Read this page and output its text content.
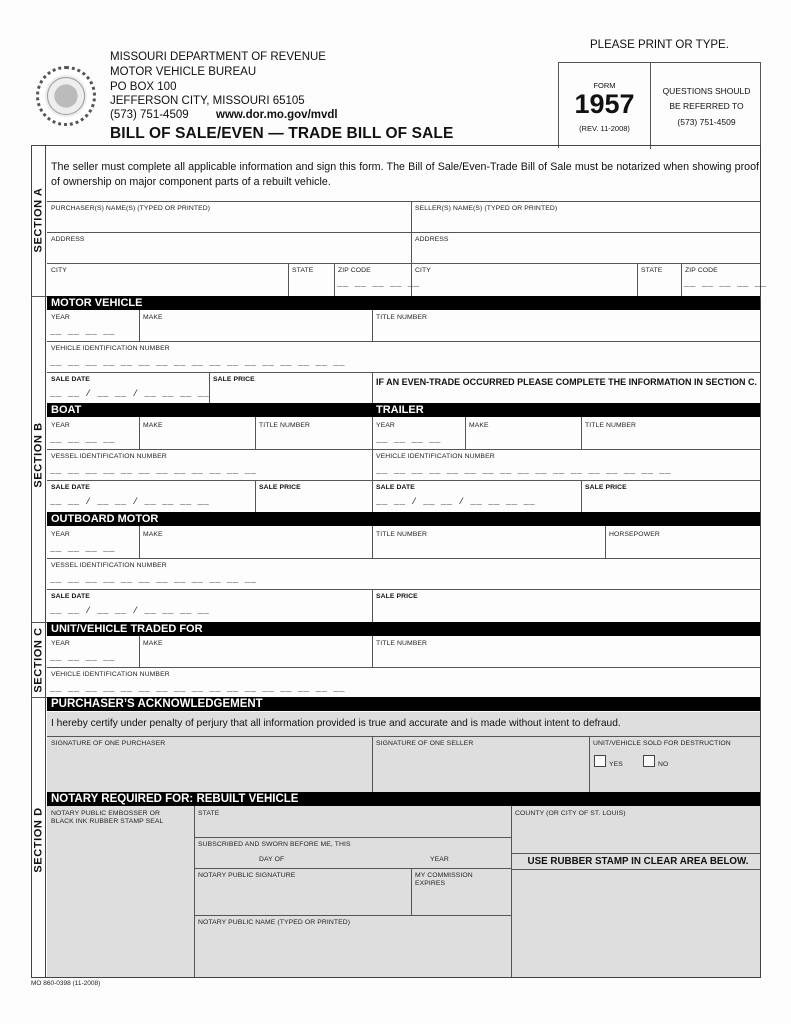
MISSOURI DEPARTMENT OF REVENUE
MOTOR VEHICLE BUREAU
PO BOX 100
JEFFERSON CITY, MISSOURI 65105
(573) 751-4509 www.dor.mo.gov/mvdl
BILL OF SALE/EVEN — TRADE BILL OF SALE
PLEASE PRINT OR TYPE.
FORM
1957
(REV. 11-2008)
QUESTIONS SHOULD
BE REFERRED TO
(573) 751-4509
SECTION A
SECTION B
SECTION C
SECTION D
The seller must complete all applicable information and sign this form. The Bill of Sale/Even-Trade Bill of Sale must be notarized when showing proof of ownership on major component parts of a rebuilt vehicle.
PURCHASER(S) NAME(S) (TYPED OR PRINTED)	SELLER(S) NAME(S) (TYPED OR PRINTED)
ADDRESS	ADDRESS
CITY	STATE	ZIP CODE
__ __ __ __ __
CITY	STATE	ZIP CODE
__ __ __ __ __
MOTOR VEHICLE
YEAR
__ __ __ __
MAKE	TITLE NUMBER
VEHICLE IDENTIFICATION NUMBER
__ __ __ __ __ __ __ __ __ __ __ __ __ __ __ __ __
SALE DATE
__ __ / __ __ / __ __ __ __
SALE PRICE	IF AN EVEN-TRADE OCCURRED PLEASE COMPLETE THE INFORMATION IN SECTION C.
BOAT	TRAILER
YEAR
__ __ __ __
MAKE	TITLE NUMBER
VESSEL IDENTIFICATION NUMBER
__ __ __ __ __ __ __ __ __ __ __ __
SALE DATE
__ __ / __ __ / __ __ __ __
SALE PRICE
YEAR
__ __ __ __
MAKE	TITLE NUMBER
VEHICLE IDENTIFICATION NUMBER
__ __ __ __ __ __ __ __ __ __ __ __ __ __ __ __ __
SALE DATE
__ __ / __ __ / __ __ __ __
SALE PRICE
OUTBOARD MOTOR
YEAR
__ __ __ __
MAKE	TITLE NUMBER	HORSEPOWER
VESSEL IDENTIFICATION NUMBER
__ __ __ __ __ __ __ __ __ __ __ __
SALE DATE
__ __ / __ __ / __ __ __ __
SALE PRICE
UNIT/VEHICLE TRADED FOR
YEAR
__ __ __ __
MAKE	TITLE NUMBER
VEHICLE IDENTIFICATION NUMBER
__ __ __ __ __ __ __ __ __ __ __ __ __ __ __ __ __
PURCHASER’S ACKNOWLEDGEMENT
I hereby certify under penalty of perjury that all information provided is true and accurate and is made without intent to defraud.
SIGNATURE OF ONE PURCHASER	SIGNATURE OF ONE SELLER	UNIT/VEHICLE SOLD FOR DESTRUCTION
YES	NO
NOTARY REQUIRED FOR: REBUILT VEHICLE
NOTARY PUBLIC EMBOSSER OR
BLACK INK RUBBER STAMP SEAL
STATE	COUNTY (OR CITY OF ST. LOUIS)
SUBSCRIBED AND SWORN BEFORE ME, THIS
DAY OF	YEAR	USE RUBBER STAMP IN CLEAR AREA BELOW.
NOTARY PUBLIC SIGNATURE	MY COMMISSION
EXPIRES
NOTARY PUBLIC NAME (TYPED OR PRINTED)
MO 860-0398 (11-2008)
